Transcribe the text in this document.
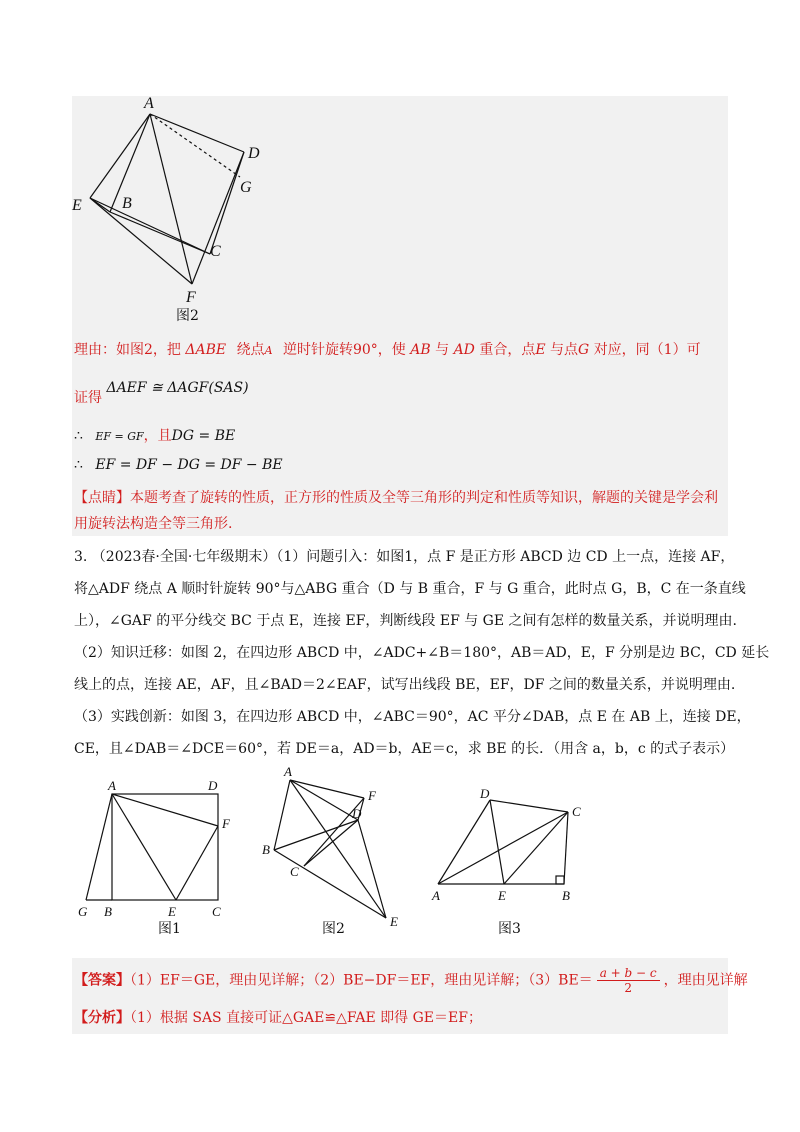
A
D
G
E	B
C
F
图2
理由：如图2，把 ΔABE 绕点A 逆时针旋转90°，使 AB 与 AD 重合，点E 与点G 对应，同（1）可
证得 ΔAEF ≅ ΔAGF(SAS)
∴ EF = GF，且DG = BE
∴ EF = DF − DG = DF − BE
【点睛】本题考查了旋转的性质，正方形的性质及全等三角形的判定和性质等知识，解题的关键是学会利
用旋转法构造全等三角形.
3. （2023春·全国·七年级期末）（1）问题引入：如图1，点 F 是正方形 ABCD 边 CD 上一点，连接 AF，
将△ADF 绕点 A 顺时针旋转 90°与△ABG 重合（D 与 B 重合，F 与 G 重合，此时点 G，B，C 在一条直线
上），∠GAF 的平分线交 BC 于点 E，连接 EF，判断线段 EF 与 GE 之间有怎样的数量关系，并说明理由.
（2）知识迁移：如图 2，在四边形 ABCD 中，∠ADC+∠B＝180°，AB＝AD，E，F 分别是边 BC，CD 延长
线上的点，连接 AE，AF，且∠BAD＝2∠EAF，试写出线段 BE，EF，DF 之间的数量关系，并说明理由.
（3）实践创新：如图 3，在四边形 ABCD 中，∠ABC＝90°，AC 平分∠DAB，点 E 在 AB 上，连接 DE，
CE，且∠DAB＝∠DCE＝60°，若 DE＝a，AD＝b，AE＝c，求 BE 的长．（用含 a，b，c 的式子表示）
A	D
F
G B	E	C
图1
A
F
D
B
C
E
图2
D
C
A	E	B
图3
【答案】（1）EF＝GE，理由见详解；（2）BE−DF＝EF，理由见详解；$(3)BE= \frac{a + b - c}{2}$ ，理由见详解
【分析】（1）根据 SAS 直接可证△GAE≌△FAE 即得 GE＝EF；
